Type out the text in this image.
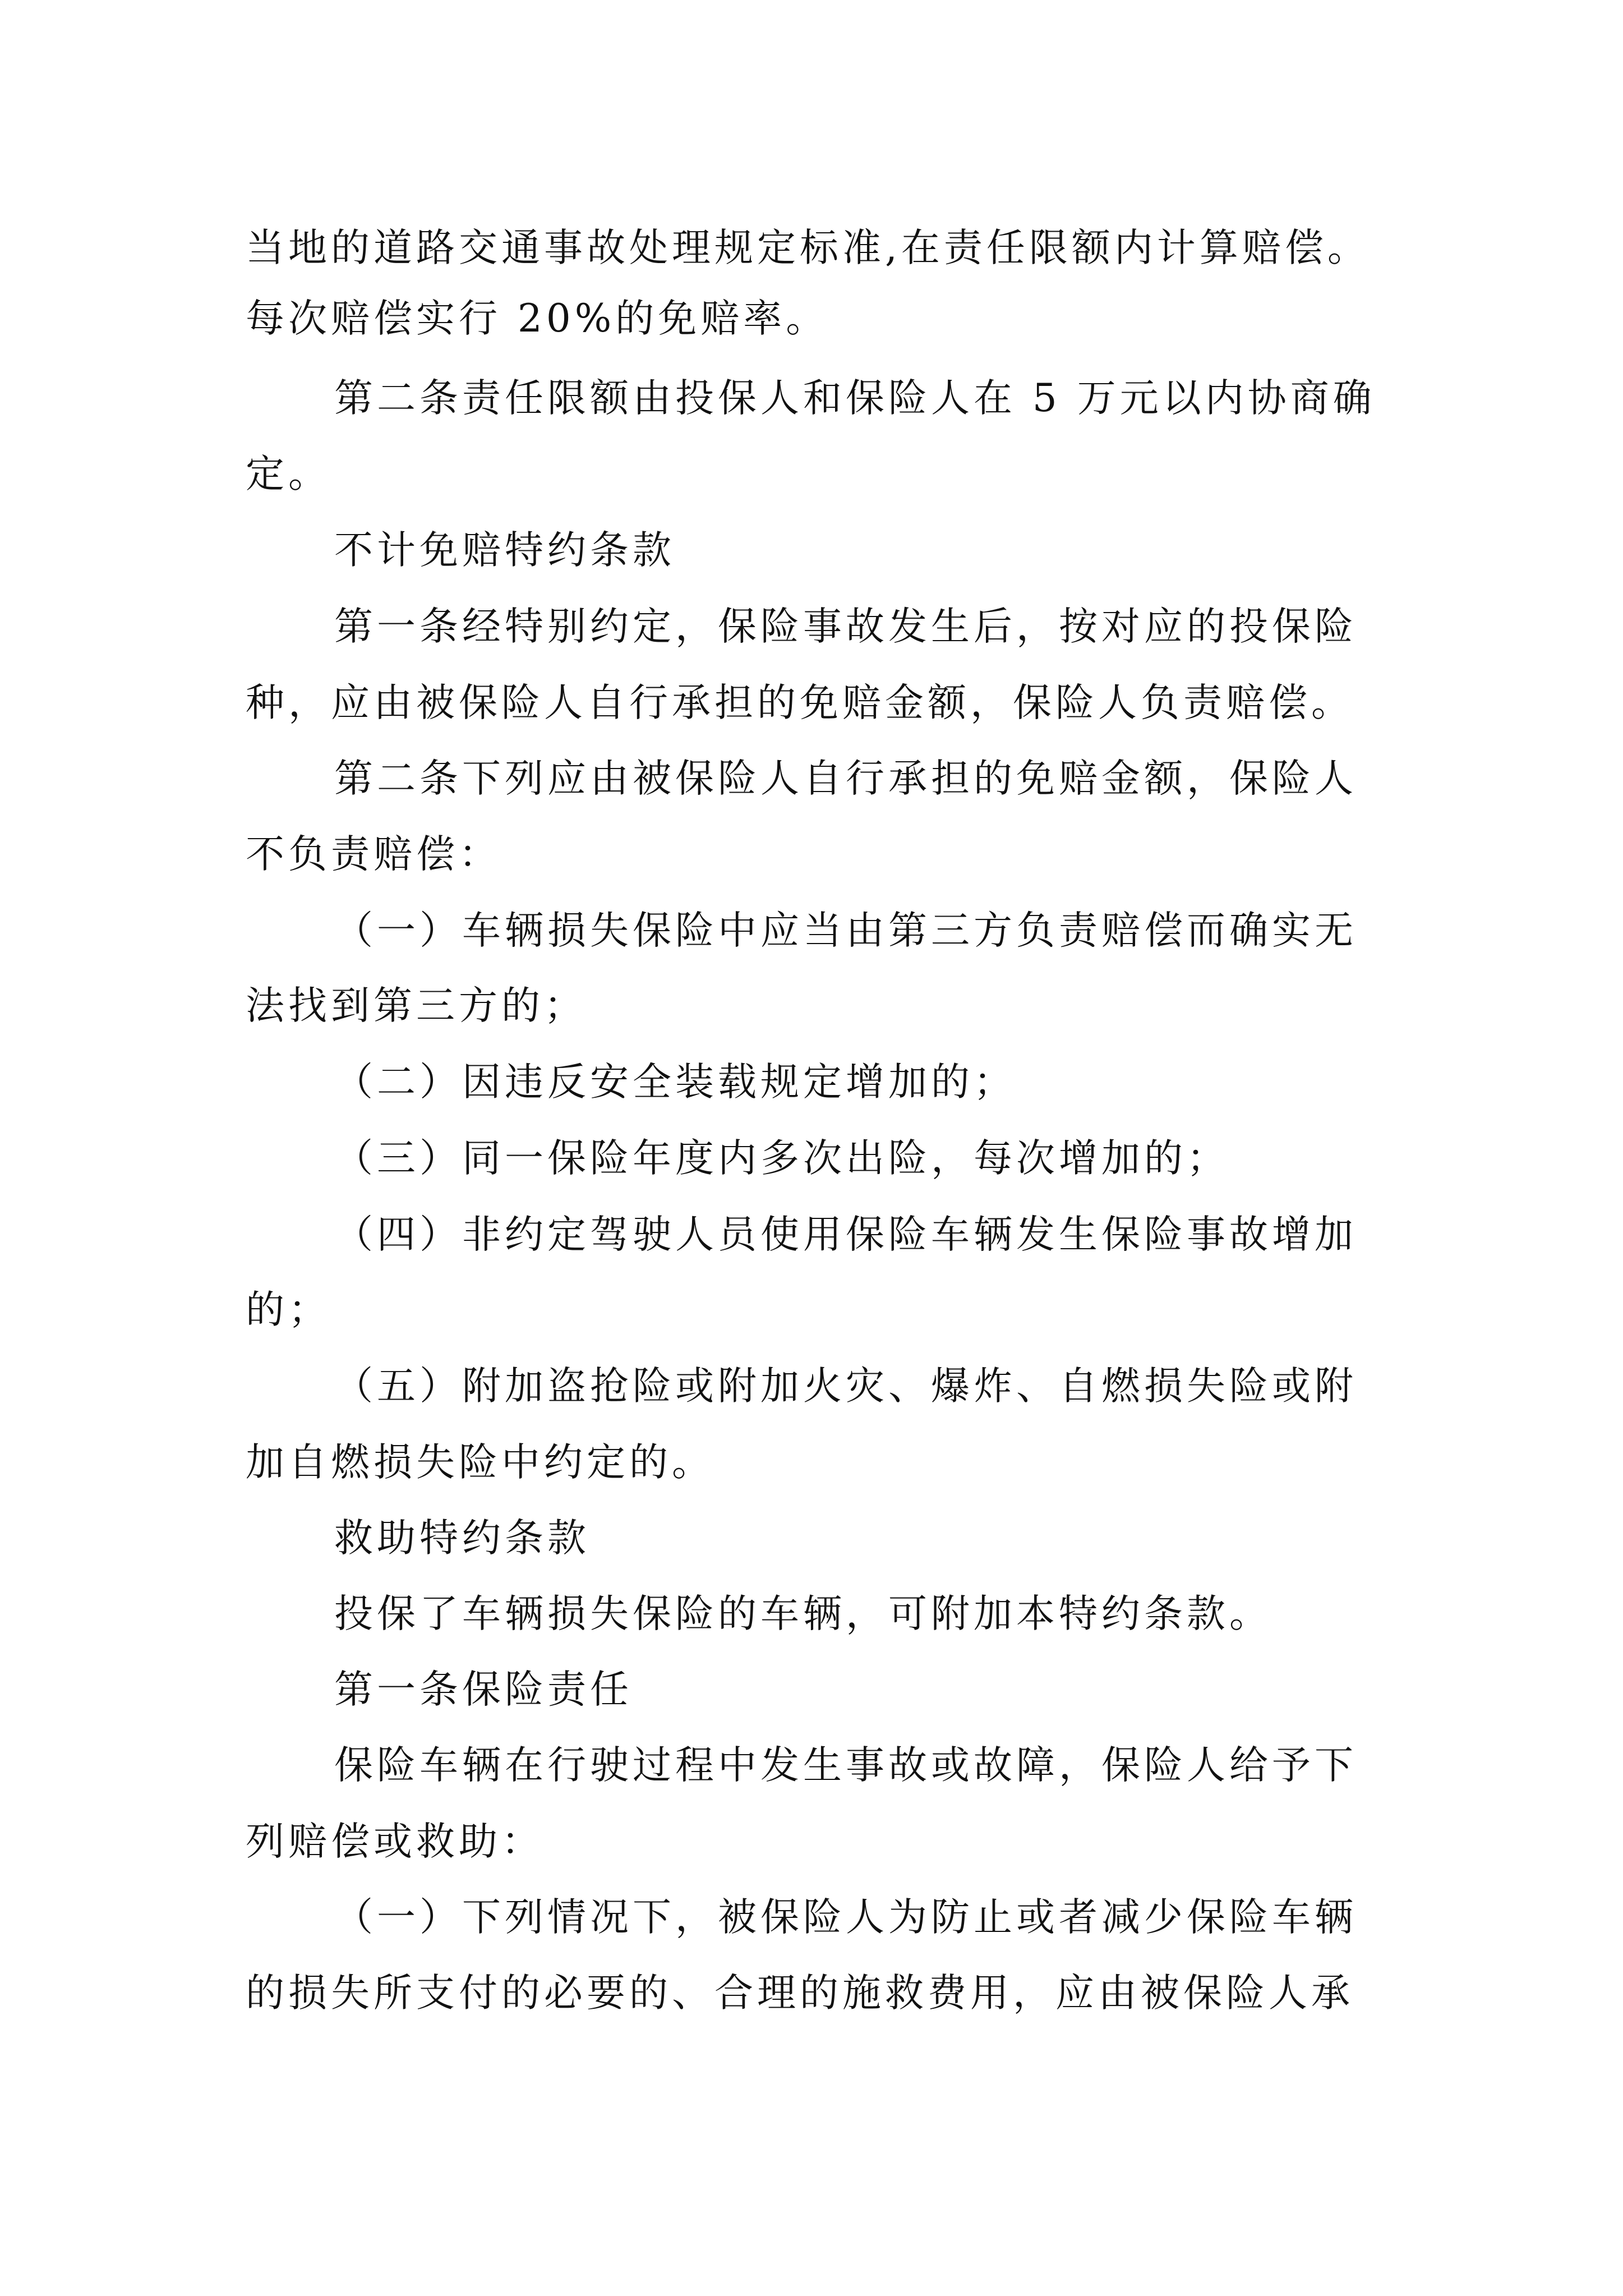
当地的道路交通事故处理规定标准,在责任限额内计算赔偿。

每次赔偿实行 20%的免赔率。

第二条责任限额由投保人和保险人在 5 万元以内协商确

定。

不计免赔特约条款

第一条经特别约定，保险事故发生后，按对应的投保险

种，应由被保险人自行承担的免赔金额，保险人负责赔偿。

第二条下列应由被保险人自行承担的免赔金额，保险人

不负责赔偿：

（一）车辆损失保险中应当由第三方负责赔偿而确实无

法找到第三方的；

（二）因违反安全装载规定增加的；

（三）同一保险年度内多次出险，每次增加的；

（四）非约定驾驶人员使用保险车辆发生保险事故增加

的；

（五）附加盗抢险或附加火灾、爆炸、自燃损失险或附

加自燃损失险中约定的。

救助特约条款

投保了车辆损失保险的车辆，可附加本特约条款。

第一条保险责任

保险车辆在行驶过程中发生事故或故障，保险人给予下

列赔偿或救助：

（一）下列情况下，被保险人为防止或者减少保险车辆

的损失所支付的必要的、合理的施救费用，应由被保险人承
